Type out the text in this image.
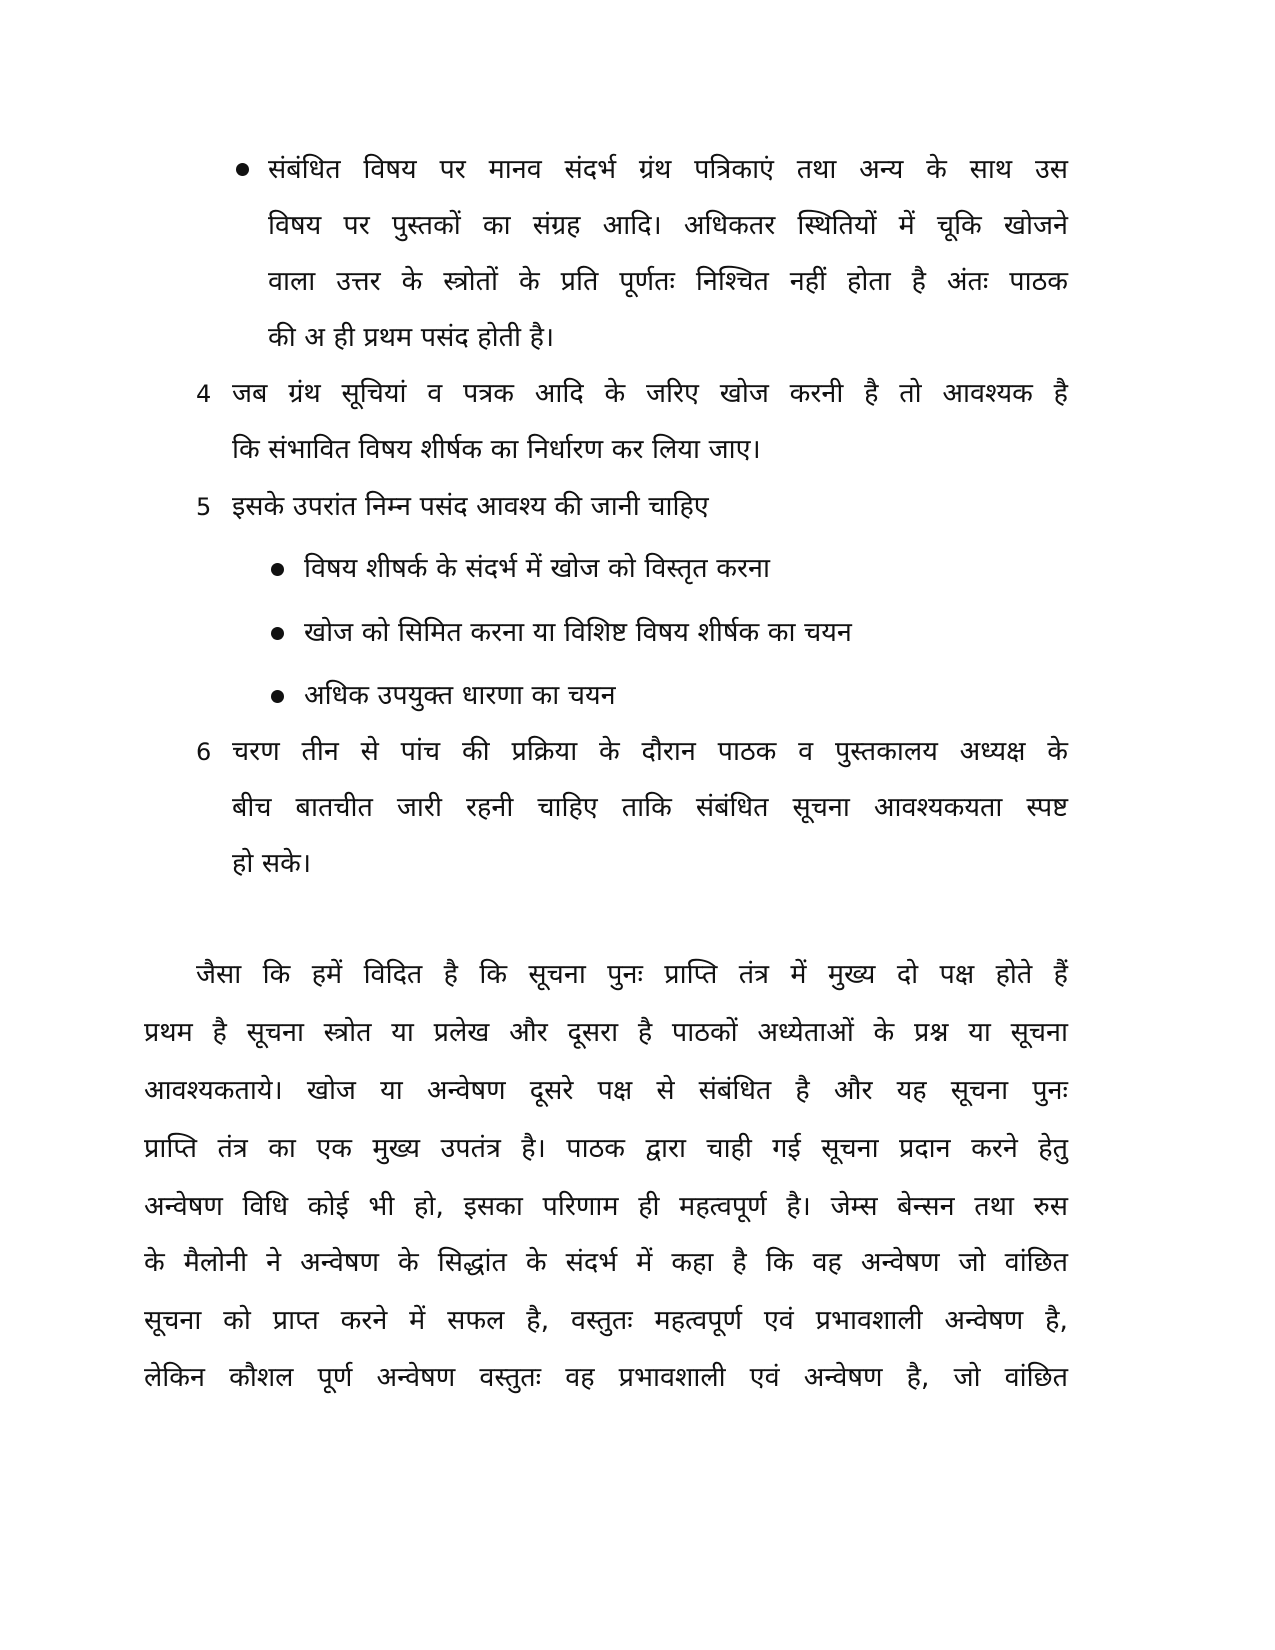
संबंधित विषय पर मानव संदर्भ ग्रंथ पत्रिकाएं तथा अन्य के साथ उस
विषय पर पुस्तकों का संग्रह आदि। अधिकतर स्थितियों में चूकि खोजने
वाला उत्तर के स्त्रोतों के प्रति पूर्णतः निश्चित नहीं होता है अंतः पाठक
की अ ही प्रथम पसंद होती है।
4 जब ग्रंथ सूचियां व पत्रक आदि के जरिए खोज करनी है तो आवश्यक है
कि संभावित विषय शीर्षक का निर्धारण कर लिया जाए।
5 इसके उपरांत निम्न पसंद आवश्य की जानी चाहिए
विषय शीषर्क के संदर्भ में खोज को विस्तृत करना
खोज को सिमित करना या विशिष्ट विषय शीर्षक का चयन
अधिक उपयुक्त धारणा का चयन
6 चरण तीन से पांच की प्रक्रिया के दौरान पाठक व पुस्तकालय अध्यक्ष के
बीच बातचीत जारी रहनी चाहिए ताकि संबंधित सूचना आवश्यकयता स्पष्ट
हो सके।
जैसा कि हमें विदित है कि सूचना पुनः प्राप्ति तंत्र में मुख्य दो पक्ष होते हैं
प्रथम है सूचना स्त्रोत या प्रलेख और दूसरा है पाठकों अध्येताओं के प्रश्न या सूचना
आवश्यकताये। खोज या अन्वेषण दूसरे पक्ष से संबंधित है और यह सूचना पुनः
प्राप्ति तंत्र का एक मुख्य उपतंत्र है। पाठक द्वारा चाही गई सूचना प्रदान करने हेतु
अन्वेषण विधि कोई भी हो, इसका परिणाम ही महत्वपूर्ण है। जेम्स बेन्सन तथा रुस
के मैलोनी ने अन्वेषण के सिद्धांत के संदर्भ में कहा है कि वह अन्वेषण जो वांछित
सूचना को प्राप्त करने में सफल है, वस्तुतः महत्वपूर्ण एवं प्रभावशाली अन्वेषण है,
लेकिन कौशल पूर्ण अन्वेषण वस्तुतः वह प्रभावशाली एवं अन्वेषण है, जो वांछित
